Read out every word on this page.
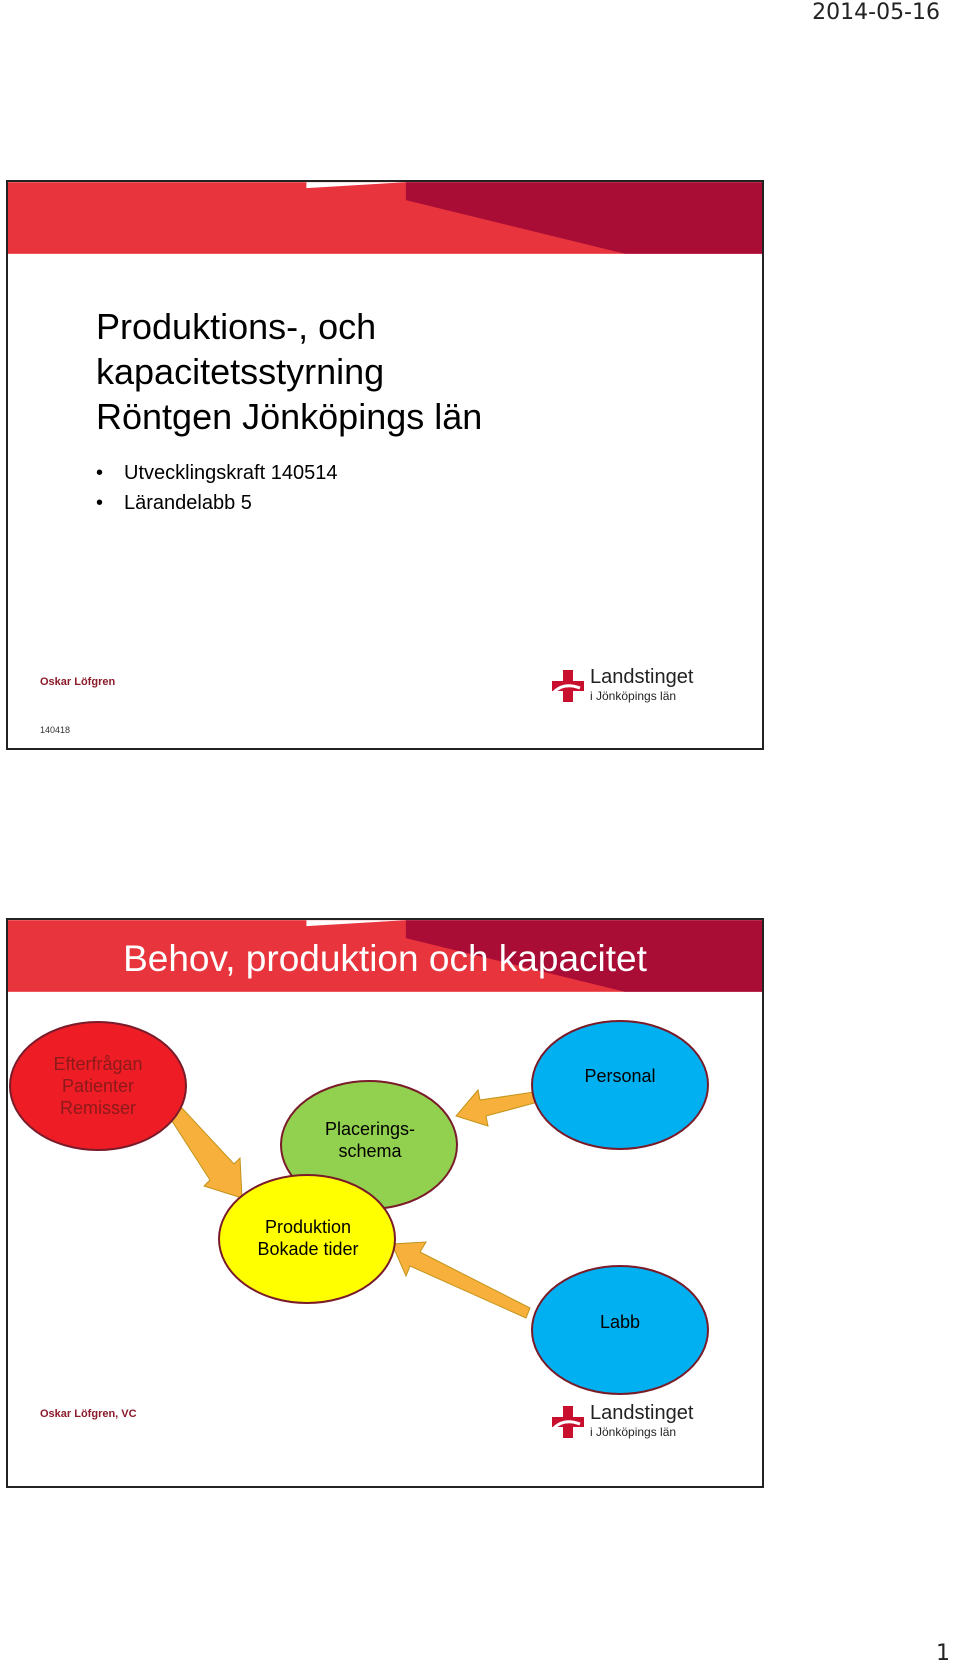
2014-05-16
Produktions-, och
kapacitetsstyrning
Röntgen Jönköpings län
• Utvecklingskraft 140514
• Lärandelabb 5
Oskar Löfgren
140418
Landstinget
i Jönköpings län
Behov, produktion och kapacitet
Efterfrågan
Patienter
Remisser
Placerings-
schema
Personal
Produktion
Bokade tider
Labb
Oskar Löfgren, VC	Landstinget
i Jönköpings län
1
